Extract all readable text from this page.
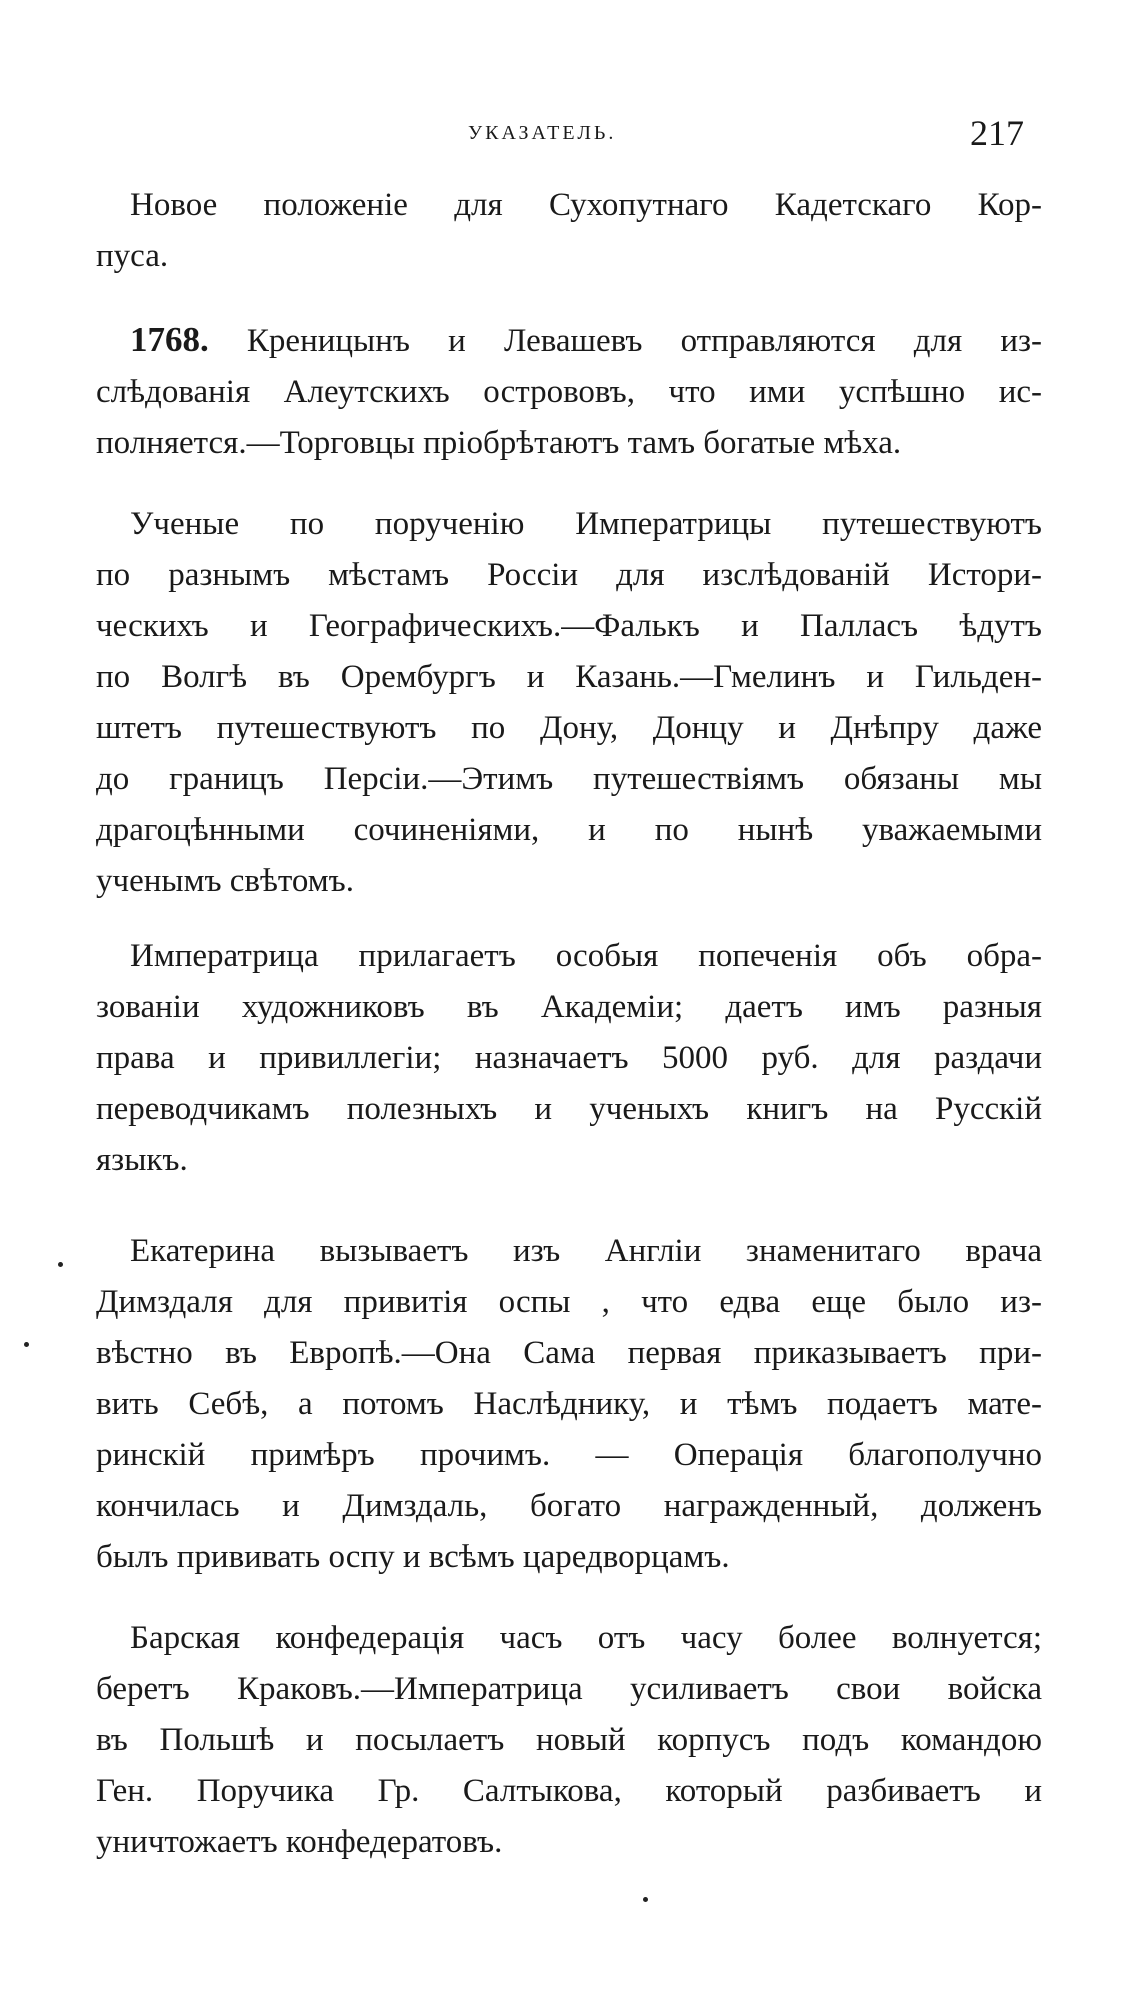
УКАЗАТЕЛЬ.	217

Новое положенiе для Сухопутнаго Кадетскаго Кор-
пуса.

1768. Креницынъ и Левашевъ отправляются для из-
слѣдованiя Алеутскихъ острововъ, что ими успѣшно ис-
полняется.—Торговцы прiобрѣтаютъ тамъ богатые мѣха.

Ученые по порученiю Императрицы путешествуютъ
по разнымъ мѣстамъ Россiи для изслѣдованiй Истори-
ческихъ и Географическихъ.—Фалькъ и Палласъ ѣдутъ
по Волгѣ въ Орембургъ и Казань.—Гмелинъ и Гильден-
штетъ путешествуютъ по Дону, Донцу и Днѣпру даже
до границъ Персiи.—Этимъ путешествiямъ обязаны мы
драгоцѣнными сочиненiями, и по нынѣ уважаемыми
ученымъ свѣтомъ.

Императрица прилагаетъ особыя попеченiя объ обра-
зованiи художниковъ въ Академiи; даетъ имъ разныя
права и привиллегiи; назначаетъ 5000 руб. для раздачи
переводчикамъ полезныхъ и ученыхъ книгъ на Русскiй
языкъ.

Екатерина вызываетъ изъ Англiи знаменитаго врача
Димздаля для привитiя оспы , что едва еще было из-
вѣстно въ Европѣ.—Она Сама первая приказываетъ при-
вить Себѣ, а потомъ Наслѣднику, и тѣмъ подаетъ мате-
ринскiй примѣръ прочимъ. — Операцiя благополучно
кончилась и Димздаль, богато награжденный, долженъ
былъ прививать оспу и всѣмъ царедворцамъ.

Барская конфедерацiя часъ отъ часу более волнуется;
беретъ Краковъ.—Императрица усиливаетъ свои войска
въ Польшѣ и посылаетъ новый корпусъ подъ командою
Ген. Поручика Гр. Салтыкова, который разбиваетъ и
уничтожаетъ конфедератовъ.
